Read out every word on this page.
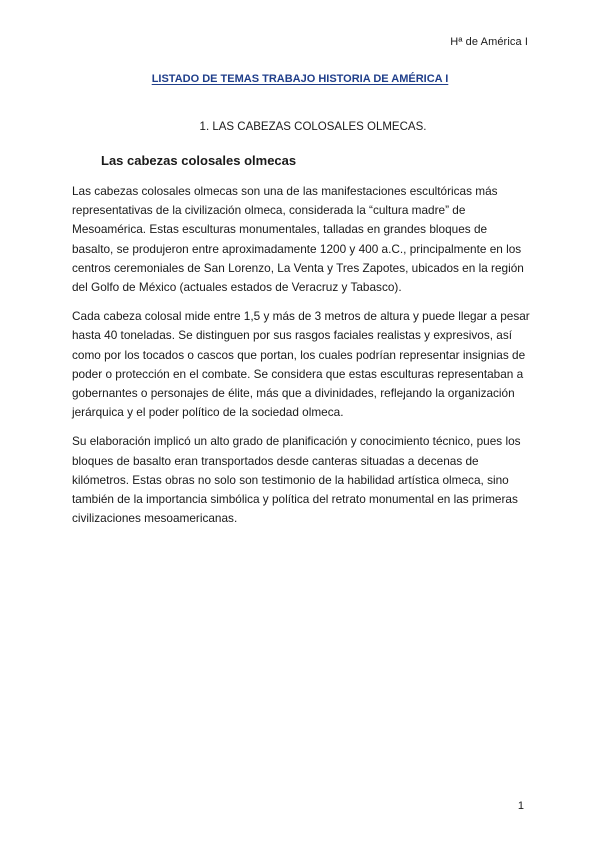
Hª de América I
LISTADO DE TEMAS TRABAJO HISTORIA DE AMÉRICA I
1. LAS CABEZAS COLOSALES OLMECAS.
Las cabezas colosales olmecas

Las cabezas colosales olmecas son una de las manifestaciones escultóricas más representativas de la civilización olmeca, considerada la “cultura madre” de Mesoamérica. Estas esculturas monumentales, talladas en grandes bloques de basalto, se produjeron entre aproximadamente 1200 y 400 a.C., principalmente en los centros ceremoniales de San Lorenzo, La Venta y Tres Zapotes, ubicados en la región del Golfo de México (actuales estados de Veracruz y Tabasco).

Cada cabeza colosal mide entre 1,5 y más de 3 metros de altura y puede llegar a pesar hasta 40 toneladas. Se distinguen por sus rasgos faciales realistas y expresivos, así como por los tocados o cascos que portan, los cuales podrían representar insignias de poder o protección en el combate. Se considera que estas esculturas representaban a gobernantes o personajes de élite, más que a divinidades, reflejando la organización jerárquica y el poder político de la sociedad olmeca.

Su elaboración implicó un alto grado de planificación y conocimiento técnico, pues los bloques de basalto eran transportados desde canteras situadas a decenas de kilómetros. Estas obras no solo son testimonio de la habilidad artística olmeca, sino también de la importancia simbólica y política del retrato monumental en las primeras civilizaciones mesoamericanas.

1
